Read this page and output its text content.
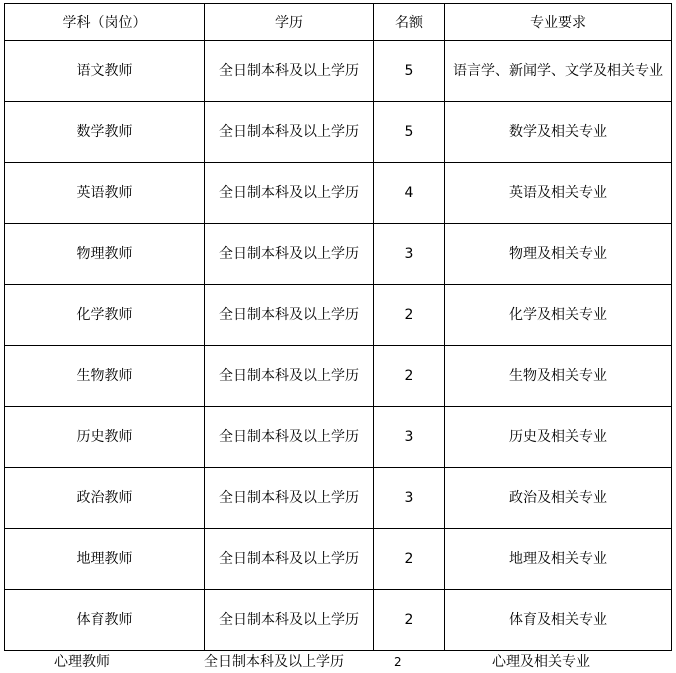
学科（岗位）	学历	名额	专业要求
语文教师	全日制本科及以上学历	5	语言学、新闻学、文学及相关专业
数学教师	全日制本科及以上学历	5	数学及相关专业
英语教师	全日制本科及以上学历	4	英语及相关专业
物理教师	全日制本科及以上学历	3	物理及相关专业
化学教师	全日制本科及以上学历	2	化学及相关专业
生物教师	全日制本科及以上学历	2	生物及相关专业
历史教师	全日制本科及以上学历	3	历史及相关专业
政治教师	全日制本科及以上学历	3	政治及相关专业
地理教师	全日制本科及以上学历	2	地理及相关专业
体育教师	全日制本科及以上学历	2	体育及相关专业
心理教师	全日制本科及以上学历	2	心理及相关专业
